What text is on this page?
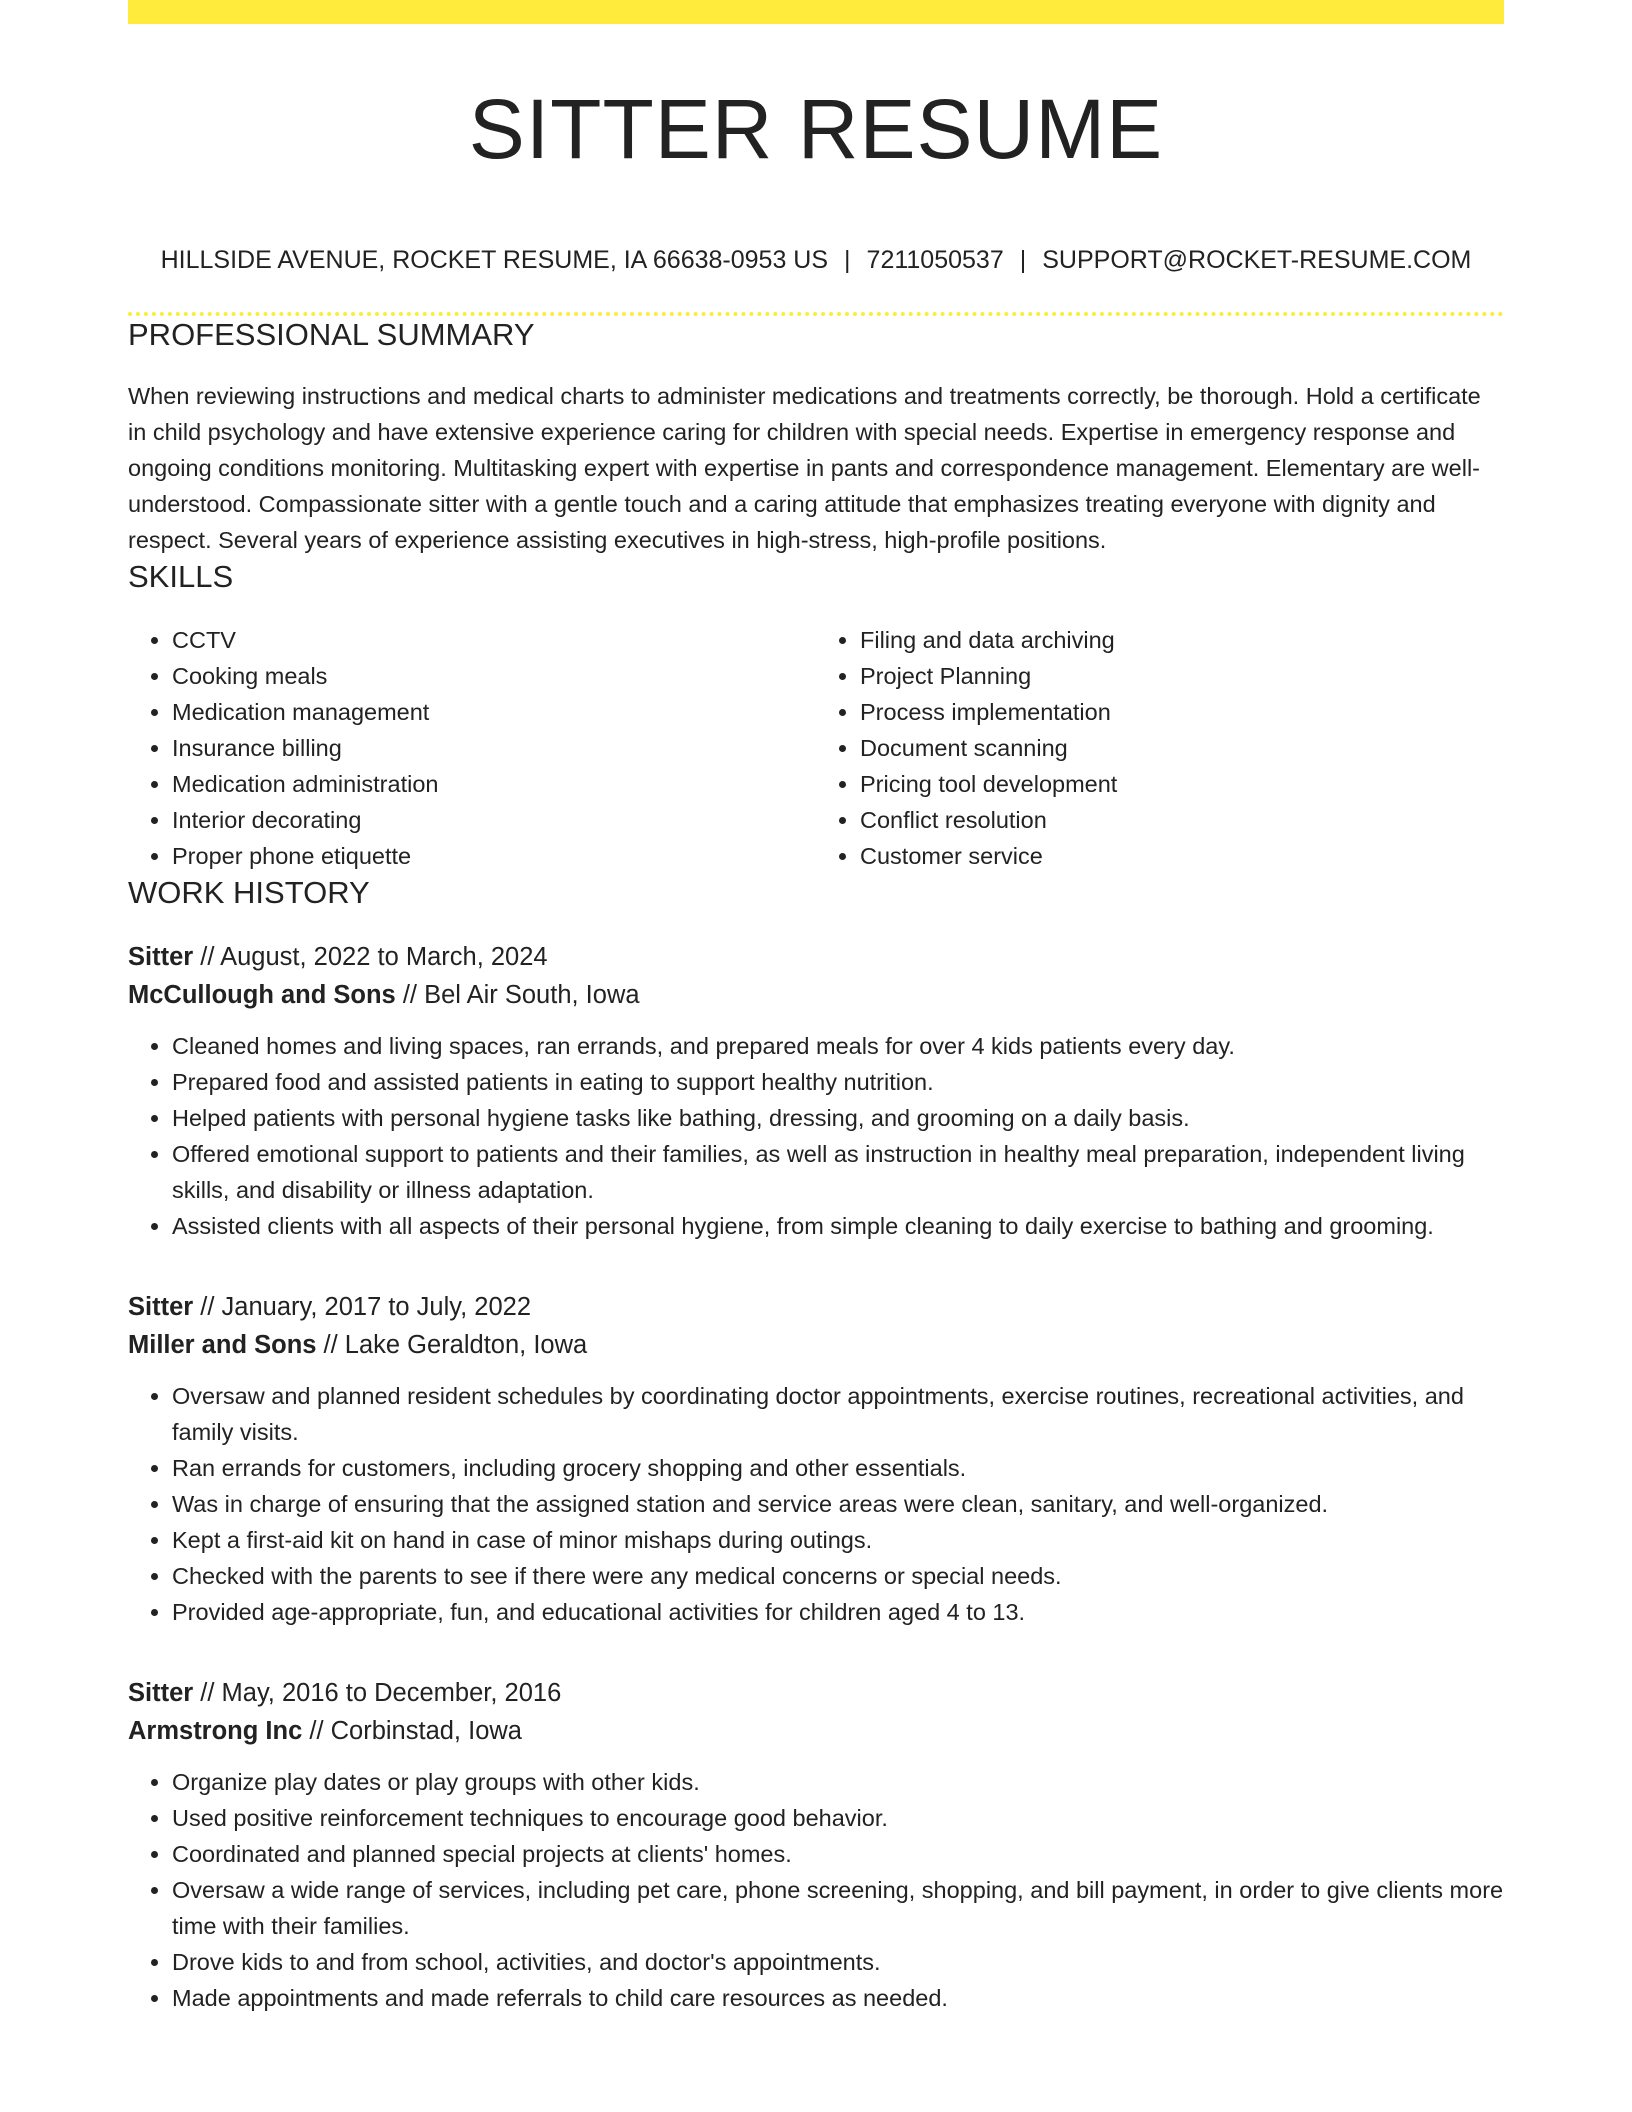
SITTER RESUME
HILLSIDE AVENUE, ROCKET RESUME, IA 66638-0953 US | 7211050537 | SUPPORT@ROCKET-RESUME.COM
PROFESSIONAL SUMMARY

When reviewing instructions and medical charts to administer medications and treatments correctly, be thorough. Hold a certificate in child psychology and have extensive experience caring for children with special needs. Expertise in emergency response and ongoing conditions monitoring. Multitasking expert with expertise in pants and correspondence management. Elementary are well-understood. Compassionate sitter with a gentle touch and a caring attitude that emphasizes treating everyone with dignity and respect. Several years of experience assisting executives in high-stress, high-profile positions.

SKILLS
• CCTV
• Cooking meals
• Medication management
• Insurance billing
• Medication administration
• Interior decorating
• Proper phone etiquette
• Filing and data archiving
• Project Planning
• Process implementation
• Document scanning
• Pricing tool development
• Conflict resolution
• Customer service
WORK HISTORY
Sitter // August, 2022 to March, 2024
McCullough and Sons // Bel Air South, Iowa
• Cleaned homes and living spaces, ran errands, and prepared meals for over 4 kids patients every day.
• Prepared food and assisted patients in eating to support healthy nutrition.
• Helped patients with personal hygiene tasks like bathing, dressing, and grooming on a daily basis.
• Offered emotional support to patients and their families, as well as instruction in healthy meal preparation, independent living skills, and disability or illness adaptation.
• Assisted clients with all aspects of their personal hygiene, from simple cleaning to daily exercise to bathing and grooming.
Sitter // January, 2017 to July, 2022
Miller and Sons // Lake Geraldton, Iowa
• Oversaw and planned resident schedules by coordinating doctor appointments, exercise routines, recreational activities, and family visits.
• Ran errands for customers, including grocery shopping and other essentials.
• Was in charge of ensuring that the assigned station and service areas were clean, sanitary, and well-organized.
• Kept a first-aid kit on hand in case of minor mishaps during outings.
• Checked with the parents to see if there were any medical concerns or special needs.
• Provided age-appropriate, fun, and educational activities for children aged 4 to 13.
Sitter // May, 2016 to December, 2016
Armstrong Inc // Corbinstad, Iowa
• Organize play dates or play groups with other kids.
• Used positive reinforcement techniques to encourage good behavior.
• Coordinated and planned special projects at clients' homes.
• Oversaw a wide range of services, including pet care, phone screening, shopping, and bill payment, in order to give clients more time with their families.
• Drove kids to and from school, activities, and doctor's appointments.
• Made appointments and made referrals to child care resources as needed.
